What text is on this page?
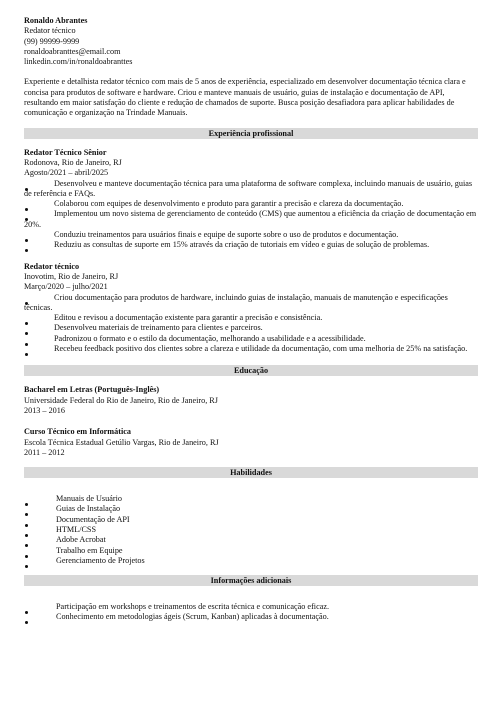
Ronaldo Abrantes
Redator técnico
(99) 99999-9999
ronaldoabranttes@email.com
linkedin.com/in/ronaldoabranttes
Experiente e detalhista redator técnico com mais de 5 anos de experiência, especializado em desenvolver documentação técnica clara e concisa para produtos de software e hardware. Criou e manteve manuais de usuário, guias de instalação e documentação de API, resultando em maior satisfação do cliente e redução de chamados de suporte. Busca posição desafiadora para aplicar habilidades de comunicação e organização na Trindade Manuais.
Experiência profissional
Redator Técnico Sênior
Rodonova, Rio de Janeiro, RJ
Agosto/2021 – abril/2025
Desenvolveu e manteve documentação técnica para uma plataforma de software complexa, incluindo manuais de usuário, guias de referência e FAQs.
Colaborou com equipes de desenvolvimento e produto para garantir a precisão e clareza da documentação.
Implementou um novo sistema de gerenciamento de conteúdo (CMS) que aumentou a eficiência da criação de documentação em 20%.
Conduziu treinamentos para usuários finais e equipe de suporte sobre o uso de produtos e documentação.
Reduziu as consultas de suporte em 15% através da criação de tutoriais em vídeo e guias de solução de problemas.
Redator técnico
Inovotim, Rio de Janeiro, RJ
Março/2020 – julho/2021
Criou documentação para produtos de hardware, incluindo guias de instalação, manuais de manutenção e especificações técnicas.
Editou e revisou a documentação existente para garantir a precisão e consistência.
Desenvolveu materiais de treinamento para clientes e parceiros.
Padronizou o formato e o estilo da documentação, melhorando a usabilidade e a acessibilidade.
Recebeu feedback positivo dos clientes sobre a clareza e utilidade da documentação, com uma melhoria de 25% na satisfação.
Educação
Bacharel em Letras (Português-Inglês)
Universidade Federal do Rio de Janeiro, Rio de Janeiro, RJ
2013 – 2016
Curso Técnico em Informática
Escola Técnica Estadual Getúlio Vargas, Rio de Janeiro, RJ
2011 – 2012
Habilidades
Manuais de Usuário
Guias de Instalação
Documentação de API
HTML/CSS
Adobe Acrobat
Trabalho em Equipe
Gerenciamento de Projetos
Informações adicionais
Participação em workshops e treinamentos de escrita técnica e comunicação eficaz.
Conhecimento em metodologias ágeis (Scrum, Kanban) aplicadas à documentação.
